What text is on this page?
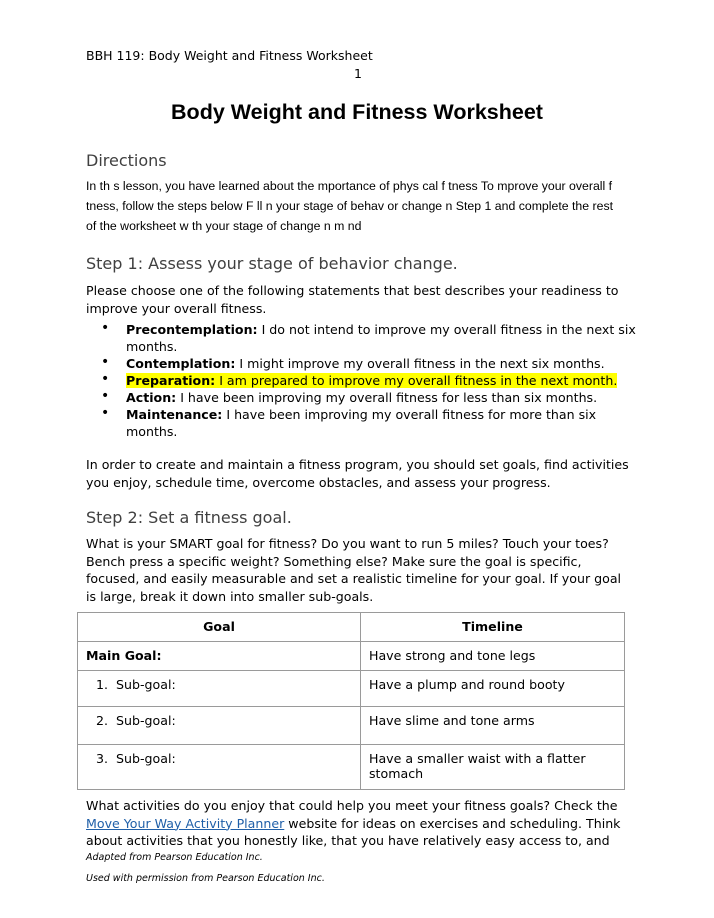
BBH 119: Body Weight and Fitness Worksheet
1
Body Weight and Fitness Worksheet
Directions
In th s lesson, you have learned about the mportance of phys cal f tness To mprove your overall f tness, follow the steps below F ll n your stage of behav or change n Step 1 and complete the rest of the worksheet w th your stage of change n m nd
Step 1: Assess your stage of behavior change.
Please choose one of the following statements that best describes your readiness to improve your overall fitness.
• Precontemplation: I do not intend to improve my overall fitness in the next six months.
• Contemplation: I might improve my overall fitness in the next six months.
• Preparation: I am prepared to improve my overall fitness in the next month.
• Action: I have been improving my overall fitness for less than six months.
• Maintenance: I have been improving my overall fitness for more than six months.
In order to create and maintain a fitness program, you should set goals, find activities you enjoy, schedule time, overcome obstacles, and assess your progress.
Step 2: Set a fitness goal.
What is your SMART goal for fitness? Do you want to run 5 miles? Touch your toes? Bench press a specific weight? Something else? Make sure the goal is specific, focused, and easily measurable and set a realistic timeline for your goal. If your goal is large, break it down into smaller sub-goals.
Goal	Timeline
Main Goal:	Have strong and tone legs
1. Sub-goal:	Have a plump and round booty
2. Sub-goal:	Have slime and tone arms
3. Sub-goal:	Have a smaller waist with a flatter stomach
What activities do you enjoy that could help you meet your fitness goals? Check the Move Your Way Activity Planner website for ideas on exercises and scheduling. Think about activities that you honestly like, that you have relatively easy access to, and
Adapted from Pearson Education Inc.
Used with permission from Pearson Education Inc.
